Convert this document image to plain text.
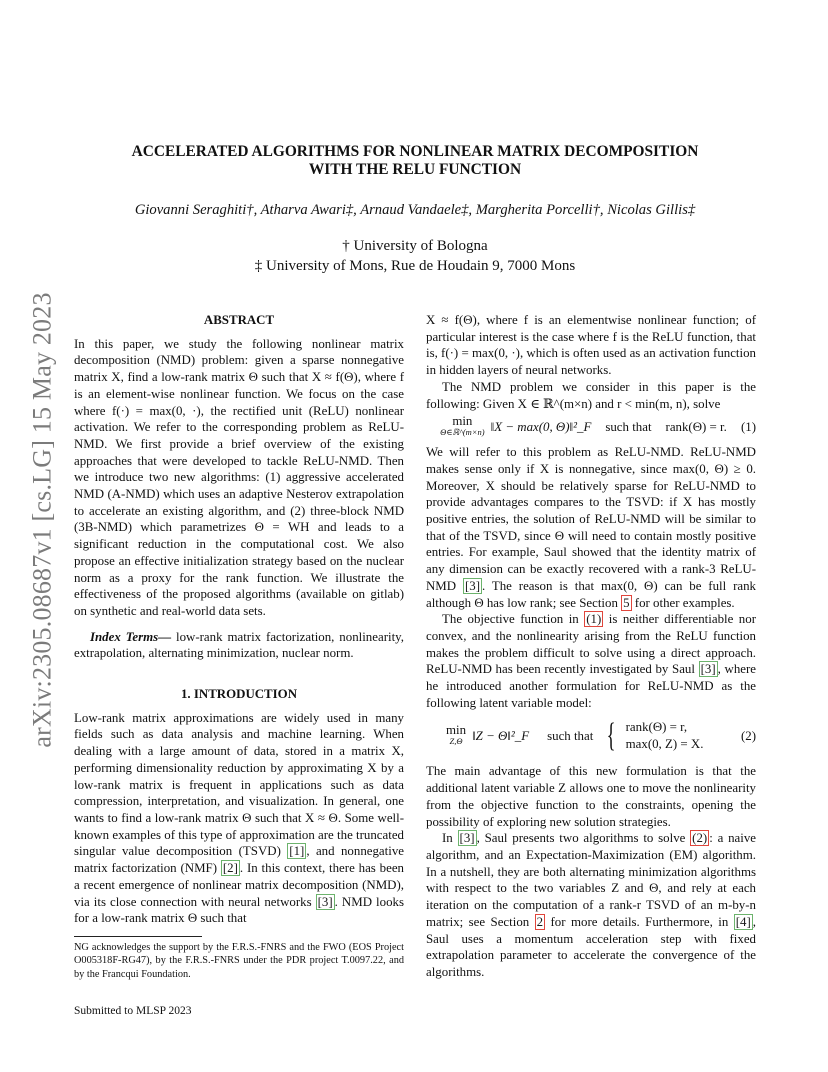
arXiv:2305.08687v1 [cs.LG] 15 May 2023
ACCELERATED ALGORITHMS FOR NONLINEAR MATRIX DECOMPOSITION
WITH THE RELU FUNCTION
Giovanni Seraghiti†, Atharva Awari‡, Arnaud Vandaele‡, Margherita Porcelli†, Nicolas Gillis‡
† University of Bologna
‡ University of Mons, Rue de Houdain 9, 7000 Mons

ABSTRACT

In this paper, we study the following nonlinear matrix decomposition (NMD) problem: given a sparse nonnegative matrix X, find a low-rank matrix Θ such that X ≈ f(Θ), where f is an element-wise nonlinear function. We focus on the case where f(·) = max(0, ·), the rectified unit (ReLU) nonlinear activation. We refer to the corresponding problem as ReLU-NMD. We first provide a brief overview of the existing approaches that were developed to tackle ReLU-NMD. Then we introduce two new algorithms: (1) aggressive accelerated NMD (A-NMD) which uses an adaptive Nesterov extrapolation to accelerate an existing algorithm, and (2) three-block NMD (3B-NMD) which parametrizes Θ = WH and leads to a significant reduction in the computational cost. We also propose an effective initialization strategy based on the nuclear norm as a proxy for the rank function. We illustrate the effectiveness of the proposed algorithms (available on gitlab) on synthetic and real-world data sets.

Index Terms— low-rank matrix factorization, nonlinearity, extrapolation, alternating minimization, nuclear norm.

1. INTRODUCTION

Low-rank matrix approximations are widely used in many fields such as data analysis and machine learning. When dealing with a large amount of data, stored in a matrix X, performing dimensionality reduction by approximating X by a low-rank matrix is frequent in applications such as data compression, interpretation, and visualization. In general, one wants to find a low-rank matrix Θ such that X ≈ Θ. Some well-known examples of this type of approximation are the truncated singular value decomposition (TSVD) [1] , and nonnegative matrix factorization (NMF) [2] . In this context, there has been a recent emergence of nonlinear matrix decomposition (NMD), via its close connection with neural networks [3] . NMD looks for a low-rank matrix Θ such that

X ≈ f(Θ), where f is an elementwise nonlinear function; of particular interest is the case where f is the ReLU function, that is, f(·) = max(0, ·), which is often used as an activation function in hidden layers of neural networks.

The NMD problem we consider in this paper is the following: Given X ∈ ℝ^(m×n) and r < min(m, n), solve

min
Θ∈ℝ^(m×n) ‖X − max(0, Θ)‖²_F such that rank(Θ) = r. (1)

We will refer to this problem as ReLU-NMD. ReLU-NMD makes sense only if X is nonnegative, since max(0, Θ) ≥ 0. Moreover, X should be relatively sparse for ReLU-NMD to provide advantages compares to the TSVD: if X has mostly positive entries, the solution of ReLU-NMD will be similar to that of the TSVD, since Θ will need to contain mostly positive entries. For example, Saul showed that the identity matrix of any dimension can be exactly recovered with a rank-3 ReLU-NMD [3] . The reason is that max(0, Θ) can be full rank although Θ has low rank; see Section 5 for other examples.

The objective function in (1) is neither differentiable nor convex, and the nonlinearity arising from the ReLU function makes the problem difficult to solve using a direct approach. ReLU-NMD has been recently investigated by Saul [3] , where he introduced another formulation for ReLU-NMD as the following latent variable model:

min
Z,Θ ‖Z − Θ‖²_F such that { rank(Θ) = r,
max(0, Z) = X.
(2)

The main advantage of this new formulation is that the additional latent variable Z allows one to move the nonlinearity from the objective function to the constraints, opening the possibility of exploring new solution strategies.

In [3] , Saul presents two algorithms to solve (2) : a naive algorithm, and an Expectation-Maximization (EM) algorithm. In a nutshell, they are both alternating minimization algorithms with respect to the two variables Z and Θ, and rely at each iteration on the computation of a rank-r TSVD of an m-by-n matrix; see Section 2 for more details. Furthermore, in [4] , Saul uses a momentum acceleration step with fixed extrapolation parameter to accelerate the convergence of the algorithms.

NG acknowledges the support by the F.R.S.-FNRS and the FWO (EOS Project O005318F-RG47), by the F.R.S.-FNRS under the PDR project T.0097.22, and by the Francqui Foundation.
Submitted to MLSP 2023
